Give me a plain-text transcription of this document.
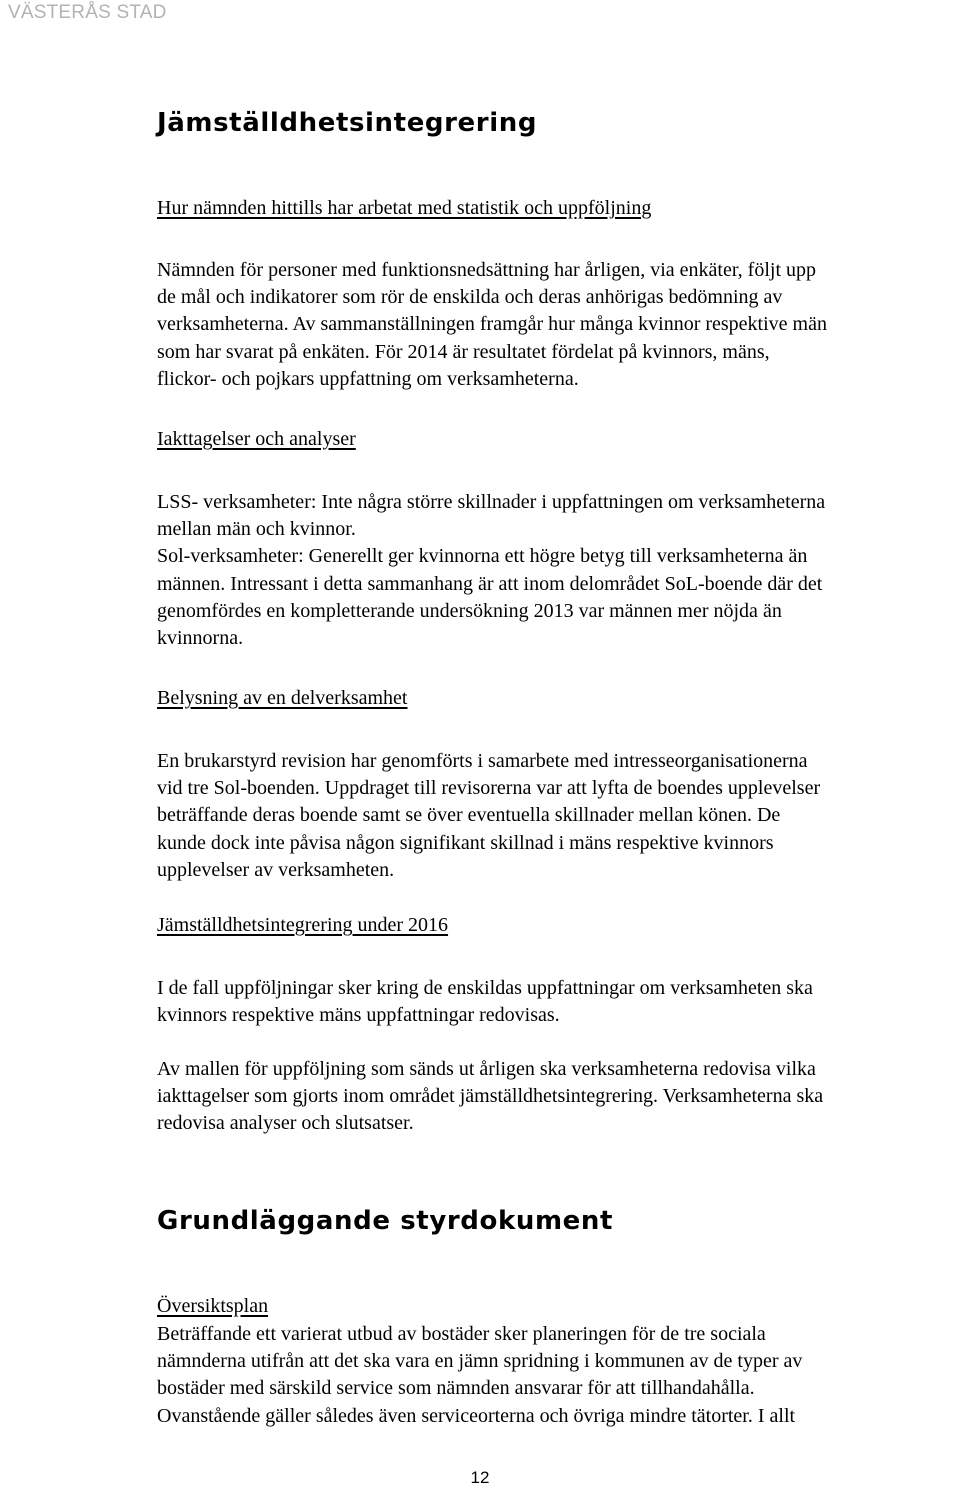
VÄSTERÅS STAD
Jämställdhetsintegrering

Hur nämnden hittills har arbetat med statistik och uppföljning

Nämnden för personer med funktionsnedsättning har årligen, via enkäter, följt upp
de mål och indikatorer som rör de enskilda och deras anhörigas bedömning av
verksamheterna. Av sammanställningen framgår hur många kvinnor respektive män
som har svarat på enkäten. För 2014 är resultatet fördelat på kvinnors, mäns,
flickor- och pojkars uppfattning om verksamheterna.

Iakttagelser och analyser

LSS- verksamheter: Inte några större skillnader i uppfattningen om verksamheterna
mellan män och kvinnor.
Sol-verksamheter: Generellt ger kvinnorna ett högre betyg till verksamheterna än
männen. Intressant i detta sammanhang är att inom delområdet SoL-boende där det
genomfördes en kompletterande undersökning 2013 var männen mer nöjda än
kvinnorna.

Belysning av en delverksamhet

En brukarstyrd revision har genomförts i samarbete med intresseorganisationerna
vid tre Sol-boenden. Uppdraget till revisorerna var att lyfta de boendes upplevelser
beträffande deras boende samt se över eventuella skillnader mellan könen. De
kunde dock inte påvisa någon signifikant skillnad i mäns respektive kvinnors
upplevelser av verksamheten.

Jämställdhetsintegrering under 2016

I de fall uppföljningar sker kring de enskildas uppfattningar om verksamheten ska
kvinnors respektive mäns uppfattningar redovisas.
Av mallen för uppföljning som sänds ut årligen ska verksamheterna redovisa vilka
iakttagelser som gjorts inom området jämställdhetsintegrering. Verksamheterna ska
redovisa analyser och slutsatser.
Grundläggande styrdokument

Översiktsplan

Beträffande ett varierat utbud av bostäder sker planeringen för de tre sociala
nämnderna utifrån att det ska vara en jämn spridning i kommunen av de typer av
bostäder med särskild service som nämnden ansvarar för att tillhandahålla.
Ovanstående gäller således även serviceorterna och övriga mindre tätorter. I allt
12
